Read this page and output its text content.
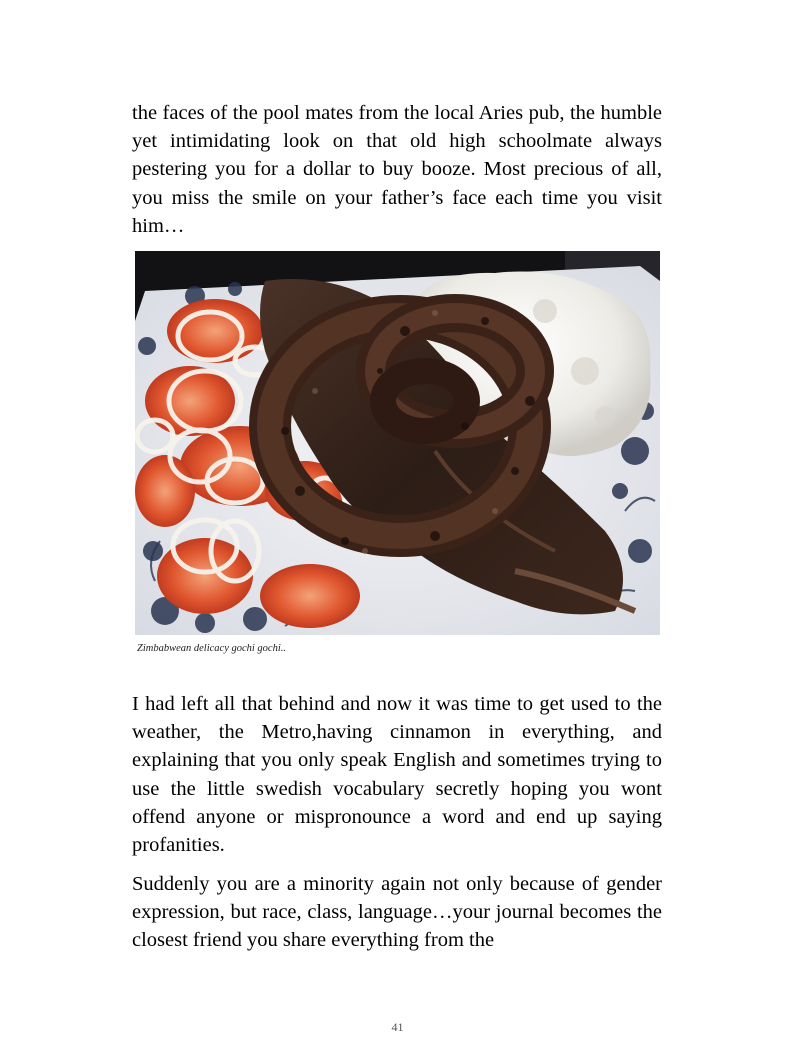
the faces of the pool mates from the local Aries pub, the humble yet intimidating look on that old high schoolmate always pestering you for a dollar to buy booze. Most precious of all, you miss the smile on your father’s face each time you visit him…

Zimbabwean delicacy gochi gochi..

I had left all that behind and now it was time to get used to the weather, the Metro,having cinnamon in everything, and explaining that you only speak English and sometimes trying to use the little swedish vocabulary secretly hoping you wont offend anyone or mispronounce a word and end up saying profanities.

Suddenly you are a minority again not only because of gender expression, but race, class, language…your journal becomes the closest friend you share everything from the

41
